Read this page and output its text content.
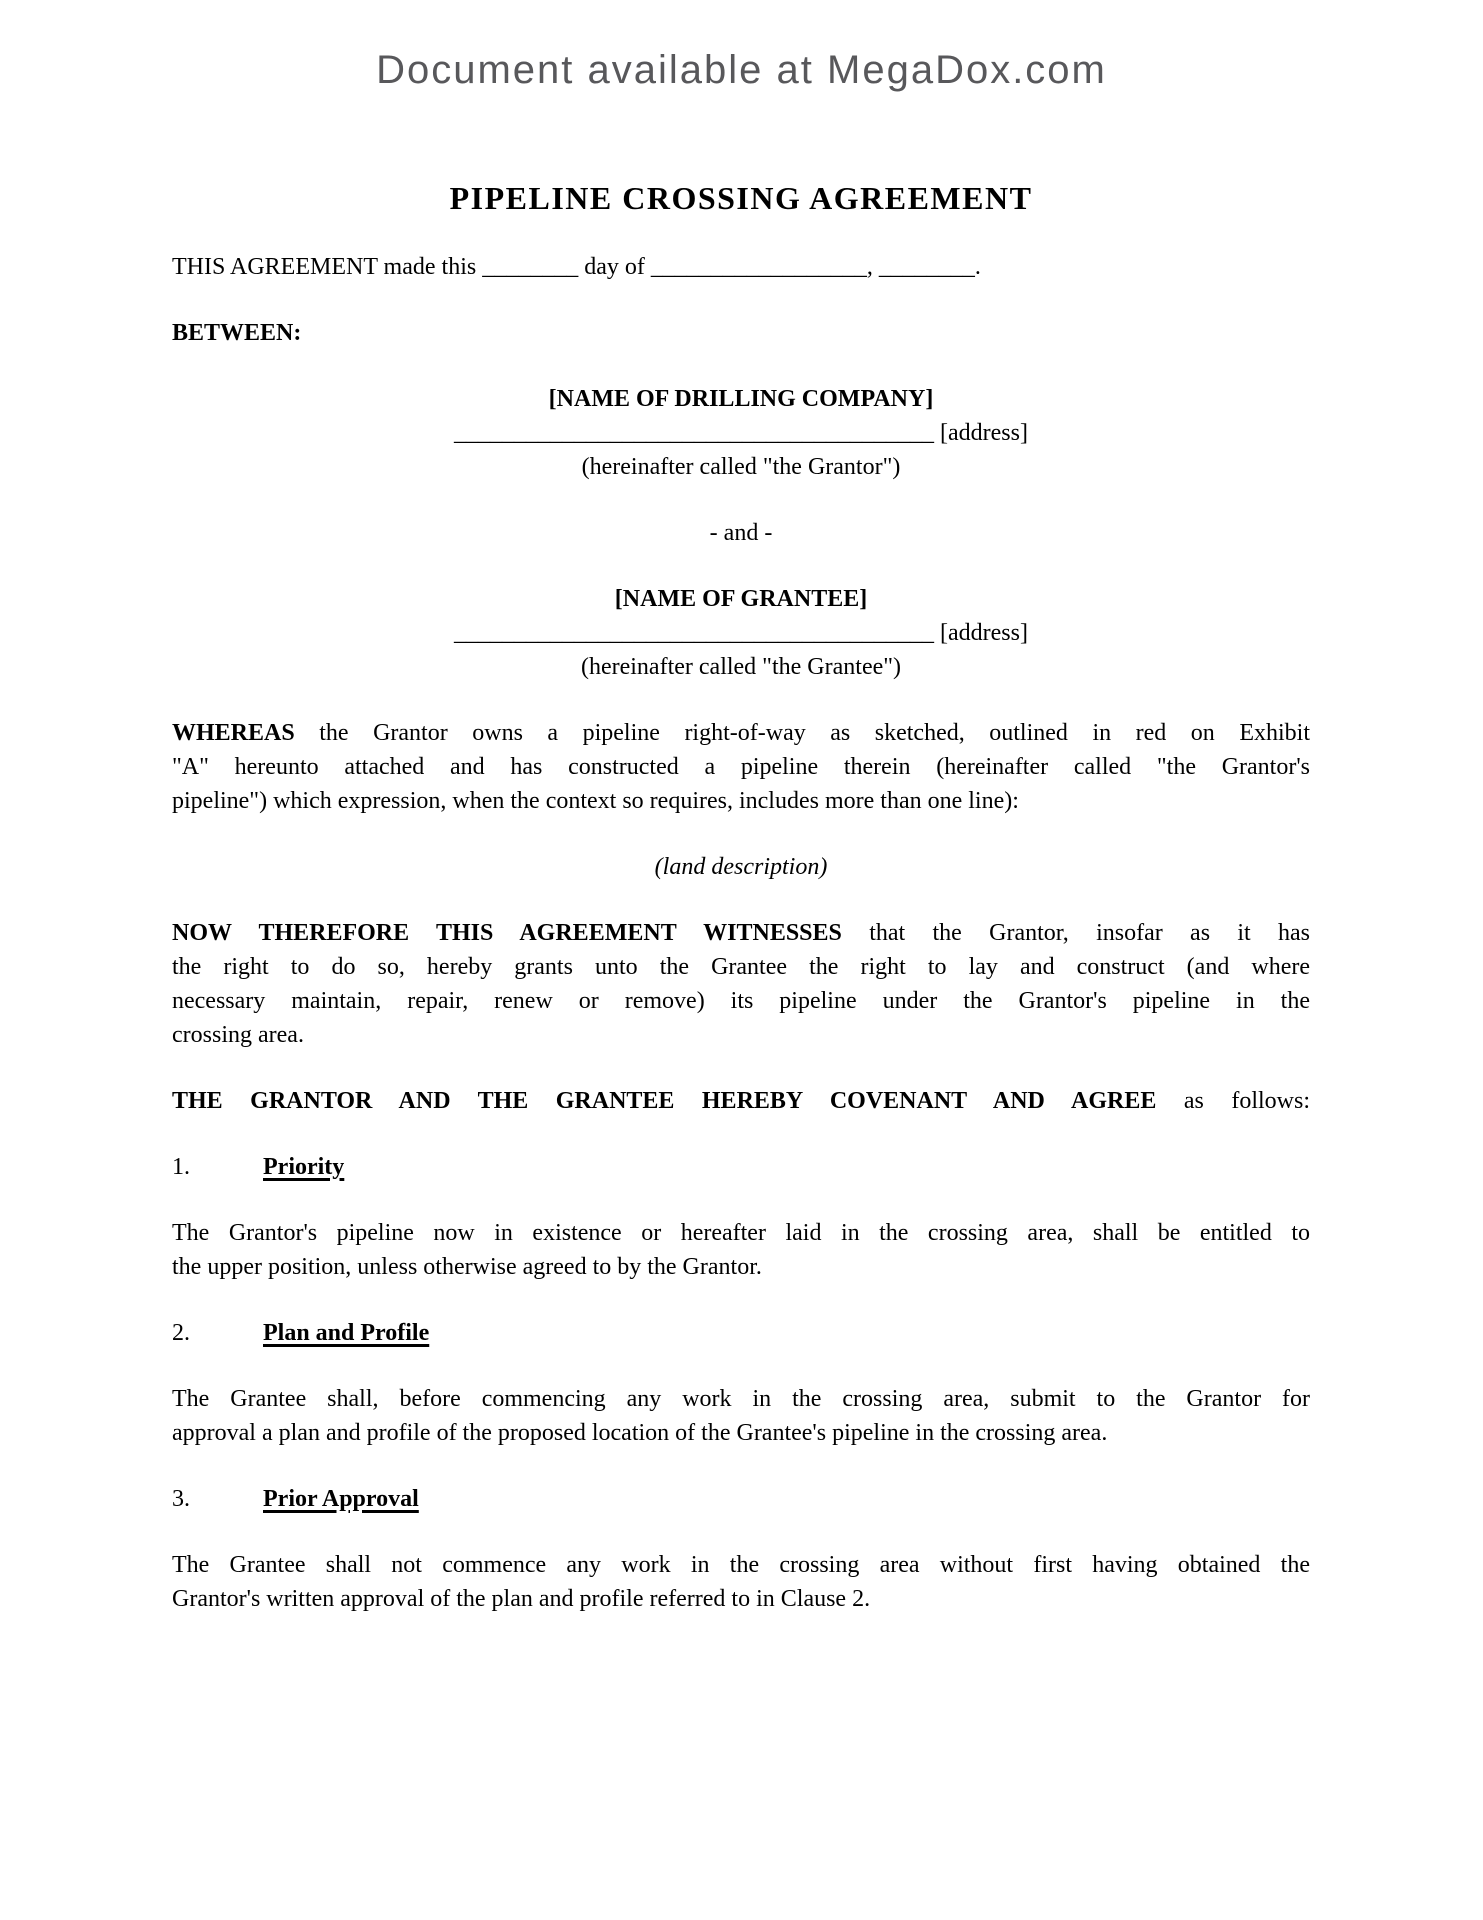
Document available at MegaDox.com
PIPELINE CROSSING AGREEMENT
THIS AGREEMENT made this ________ day of __________________, ________.
BETWEEN:
[NAME OF DRILLING COMPANY]
________________________________________ [address]
(hereinafter called "the Grantor")
- and -
[NAME OF GRANTEE]
________________________________________ [address]
(hereinafter called "the Grantee")
WHEREAS the Grantor owns a pipeline right-of-way as sketched, outlined in red on Exhibit
"A" hereunto attached and has constructed a pipeline therein (hereinafter called "the Grantor's
pipeline") which expression, when the context so requires, includes more than one line):
(land description)
NOW THEREFORE THIS AGREEMENT WITNESSES that the Grantor, insofar as it has
the right to do so, hereby grants unto the Grantee the right to lay and construct (and where
necessary maintain, repair, renew or remove) its pipeline under the Grantor's pipeline in the
crossing area.
THE GRANTOR AND THE GRANTEE HEREBY COVENANT AND AGREE as follows:
1.	Priority
The Grantor's pipeline now in existence or hereafter laid in the crossing area, shall be entitled to
the upper position, unless otherwise agreed to by the Grantor.
2.	Plan and Profile
The Grantee shall, before commencing any work in the crossing area, submit to the Grantor for
approval a plan and profile of the proposed location of the Grantee's pipeline in the crossing area.
3.	Prior Approval
The Grantee shall not commence any work in the crossing area without first having obtained the
Grantor's written approval of the plan and profile referred to in Clause 2.
